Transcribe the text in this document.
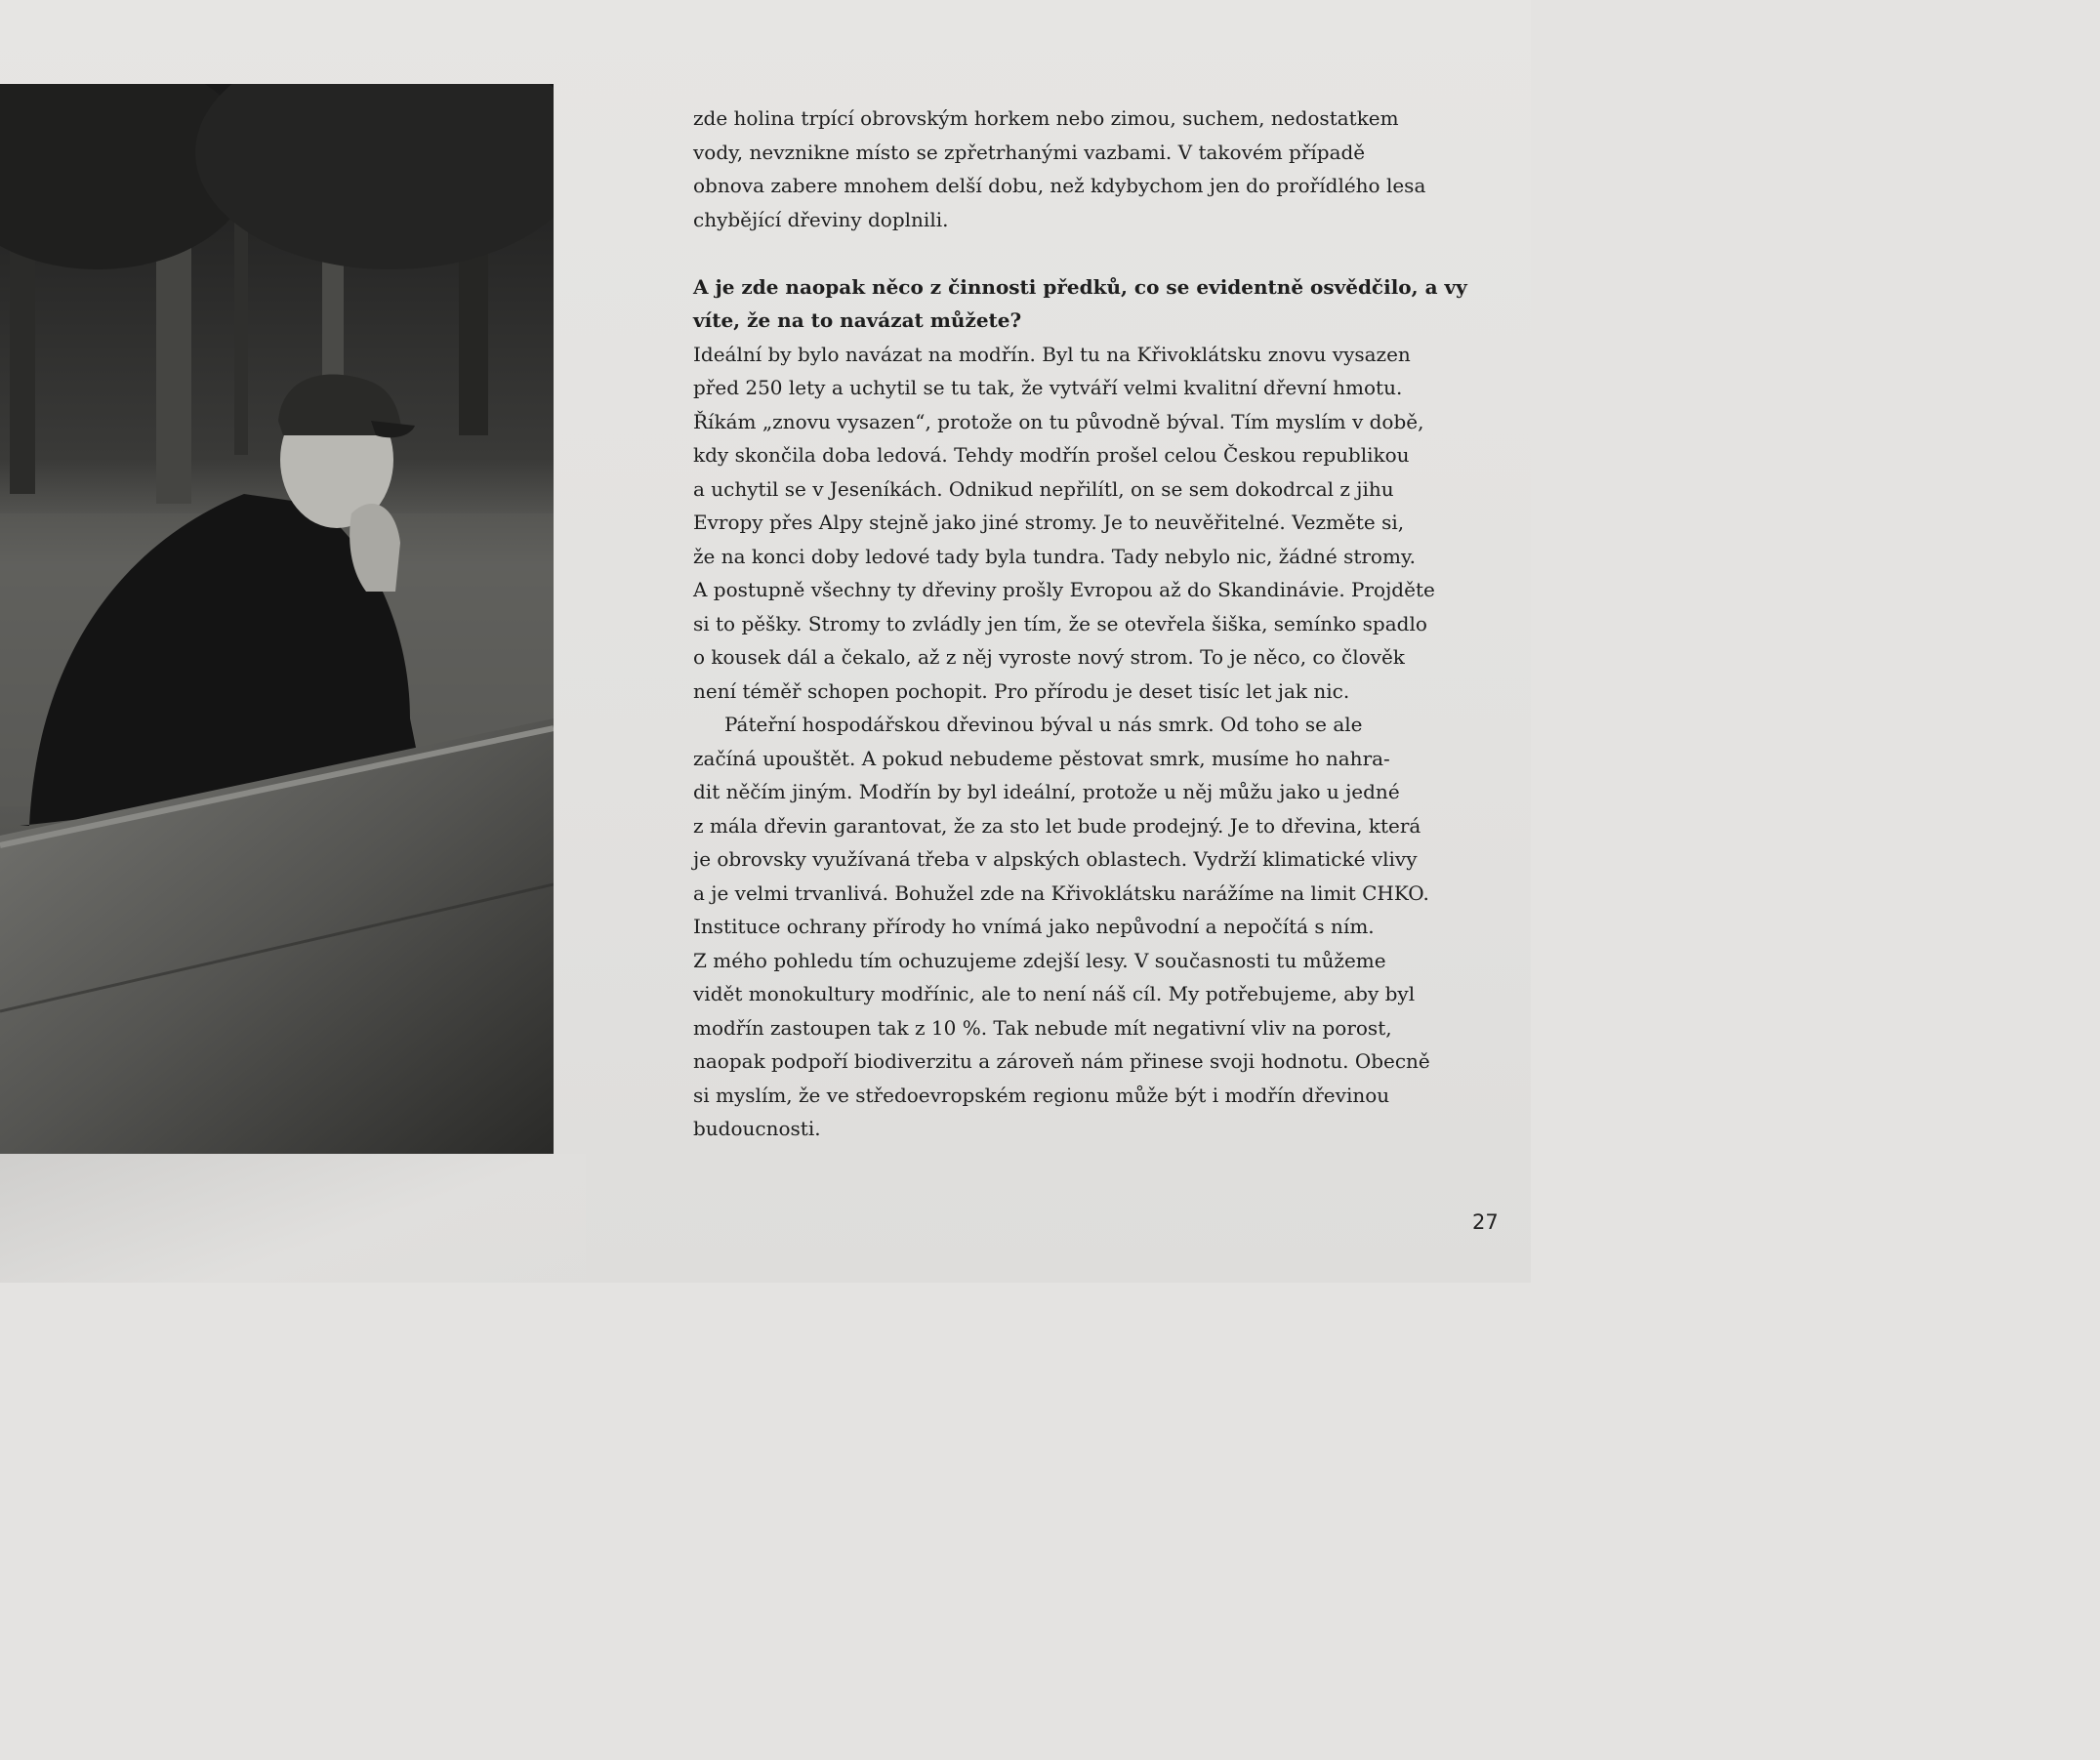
zde holina trpící obrovským horkem nebo zimou, suchem, nedostatkem
vody, nevznikne místo se zpřetrhanými vazbami. V takovém případě
obnova zabere mnohem delší dobu, než kdybychom jen do prořídlého lesa
chybějící dřeviny doplnili.
A je zde naopak něco z činnosti předků, co se evidentně osvědčilo, a vy
víte, že na to navázat můžete?
Ideální by bylo navázat na modřín. Byl tu na Křivoklátsku znovu vysazen
před 250 lety a uchytil se tu tak, že vytváří velmi kvalitní dřevní hmotu.
Říkám „znovu vysazen“, protože on tu původně býval. Tím myslím v době,
kdy skončila doba ledová. Tehdy modřín prošel celou Českou republikou
a uchytil se v Jeseníkách. Odnikud nepřilítl, on se sem dokodrcal z jihu
Evropy přes Alpy stejně jako jiné stromy. Je to neuvěřitelné. Vezměte si,
že na konci doby ledové tady byla tundra. Tady nebylo nic, žádné stromy.
A postupně všechny ty dřeviny prošly Evropou až do Skandinávie. Projděte
si to pěšky. Stromy to zvládly jen tím, že se otevřela šiška, semínko spadlo
o kousek dál a čekalo, až z něj vyroste nový strom. To je něco, co člověk
není téměř schopen pochopit. Pro přírodu je deset tisíc let jak nic.
Páteřní hospodářskou dřevinou býval u nás smrk. Od toho se ale
začíná upouštět. A pokud nebudeme pěstovat smrk, musíme ho nahra-
dit něčím jiným. Modřín by byl ideální, protože u něj můžu jako u jedné
z mála dřevin garantovat, že za sto let bude prodejný. Je to dřevina, která
je obrovsky využívaná třeba v alpských oblastech. Vydrží klimatické vlivy
a je velmi trvanlivá. Bohužel zde na Křivoklátsku narážíme na limit CHKO.
Instituce ochrany přírody ho vnímá jako nepůvodní a nepočítá s ním.
Z mého pohledu tím ochuzujeme zdejší lesy. V současnosti tu můžeme
vidět monokultury modřínic, ale to není náš cíl. My potřebujeme, aby byl
modřín zastoupen tak z 10 %. Tak nebude mít negativní vliv na porost,
naopak podpoří biodiverzitu a zároveň nám přinese svoji hodnotu. Obecně
si myslím, že ve středoevropském regionu může být i modřín dřevinou
budoucnosti.
27
